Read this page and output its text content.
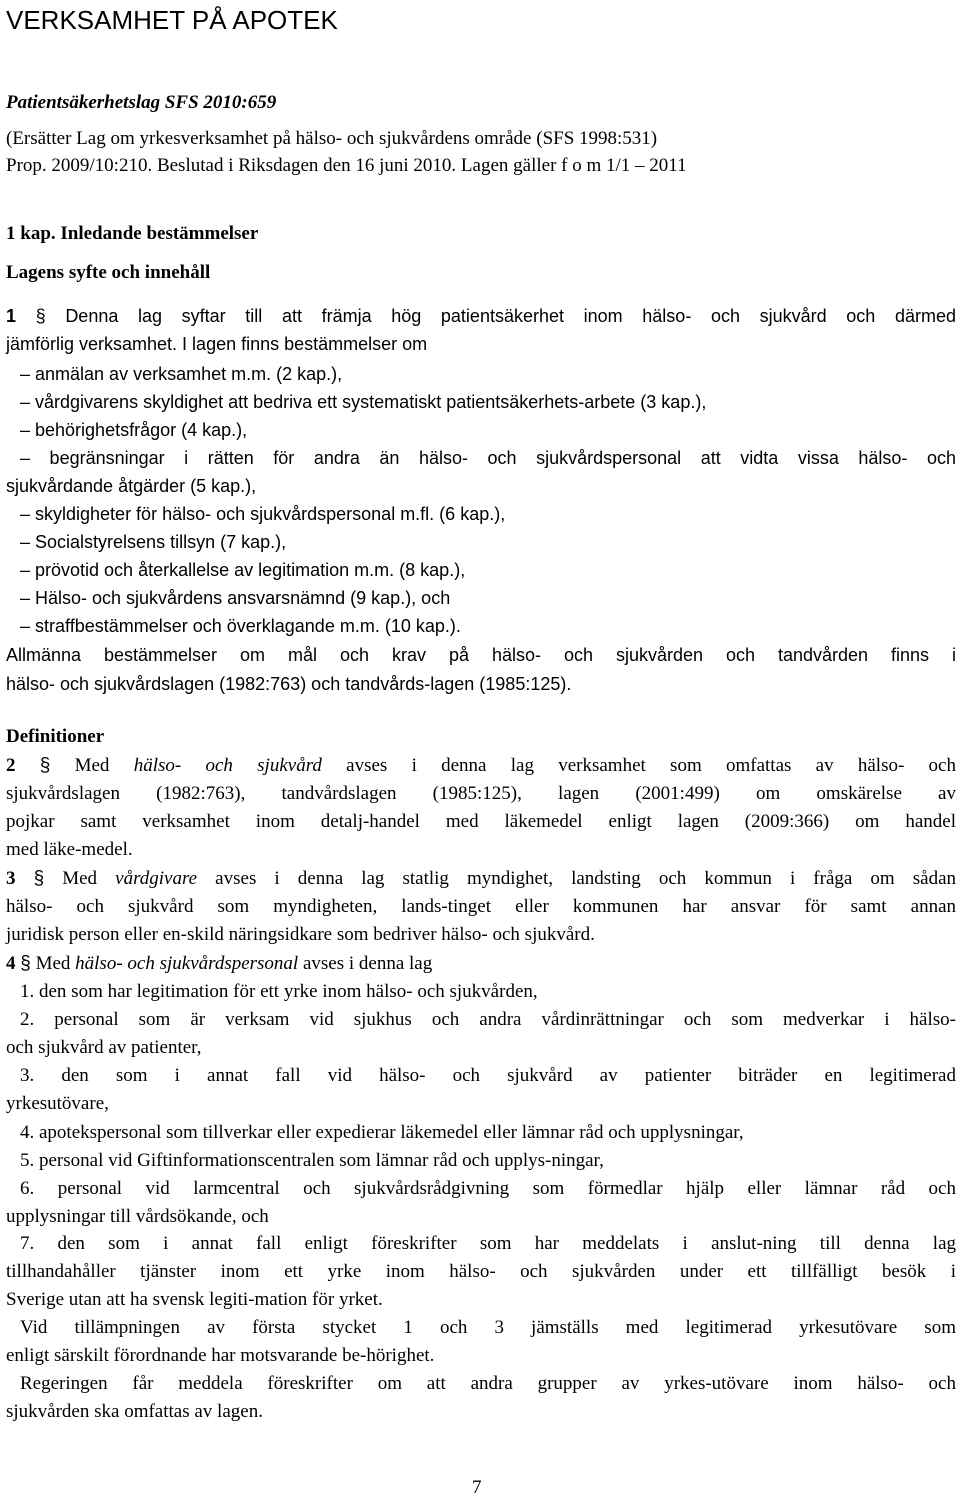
VERKSAMHET PÅ APOTEK
Patientsäkerhetslag SFS 2010:659
(Ersätter Lag om yrkesverksamhet på hälso- och sjukvårdens område (SFS 1998:531)
Prop. 2009/10:210. Beslutad i Riksdagen den 16 juni 2010. Lagen gäller f o m 1/1 – 2011
1 kap. Inledande bestämmelser
Lagens syfte och innehåll
1 § Denna lag syftar till att främja hög patientsäkerhet inom hälso- och sjukvård och därmed
jämförlig verksamhet. I lagen finns bestämmelser om
– anmälan av verksamhet m.m. (2 kap.),
– vårdgivarens skyldighet att bedriva ett systematiskt patientsäkerhets-arbete (3 kap.),
– behörighetsfrågor (4 kap.),
– begränsningar i rätten för andra än hälso- och sjukvårdspersonal att vidta vissa hälso- och
sjukvårdande åtgärder (5 kap.),
– skyldigheter för hälso- och sjukvårdspersonal m.fl. (6 kap.),
– Socialstyrelsens tillsyn (7 kap.),
– prövotid och återkallelse av legitimation m.m. (8 kap.),
– Hälso- och sjukvårdens ansvarsnämnd (9 kap.), och
– straffbestämmelser och överklagande m.m. (10 kap.).
Allmänna bestämmelser om mål och krav på hälso- och sjukvården och tandvården finns i
hälso- och sjukvårdslagen (1982:763) och tandvårds-lagen (1985:125).
Definitioner
2 § Med hälso- och sjukvård avses i denna lag verksamhet som omfattas av hälso- och
sjukvårdslagen (1982:763), tandvårdslagen (1985:125), lagen (2001:499) om omskärelse av
pojkar samt verksamhet inom detalj-handel med läkemedel enligt lagen (2009:366) om handel
med läke-medel.
3 § Med vårdgivare avses i denna lag statlig myndighet, landsting och kommun i fråga om sådan
hälso- och sjukvård som myndigheten, lands-tinget eller kommunen har ansvar för samt annan
juridisk person eller en-skild näringsidkare som bedriver hälso- och sjukvård.
4 § Med hälso- och sjukvårdspersonal avses i denna lag
1. den som har legitimation för ett yrke inom hälso- och sjukvården,
2. personal som är verksam vid sjukhus och andra vårdinrättningar och som medverkar i hälso-
och sjukvård av patienter,
3. den som i annat fall vid hälso- och sjukvård av patienter biträder en legitimerad
yrkesutövare,
4. apotekspersonal som tillverkar eller expedierar läkemedel eller lämnar råd och upplysningar,
5. personal vid Giftinformationscentralen som lämnar råd och upplys-ningar,
6. personal vid larmcentral och sjukvårdsrådgivning som förmedlar hjälp eller lämnar råd och
upplysningar till vårdsökande, och
7. den som i annat fall enligt föreskrifter som har meddelats i anslut-ning till denna lag
tillhandahåller tjänster inom ett yrke inom hälso- och sjukvården under ett tillfälligt besök i
Sverige utan att ha svensk legiti-mation för yrket.
Vid tillämpningen av första stycket 1 och 3 jämställs med legitimerad yrkesutövare som
enligt särskilt förordnande har motsvarande be-hörighet.
Regeringen får meddela föreskrifter om att andra grupper av yrkes-utövare inom hälso- och
sjukvården ska omfattas av lagen.
7
